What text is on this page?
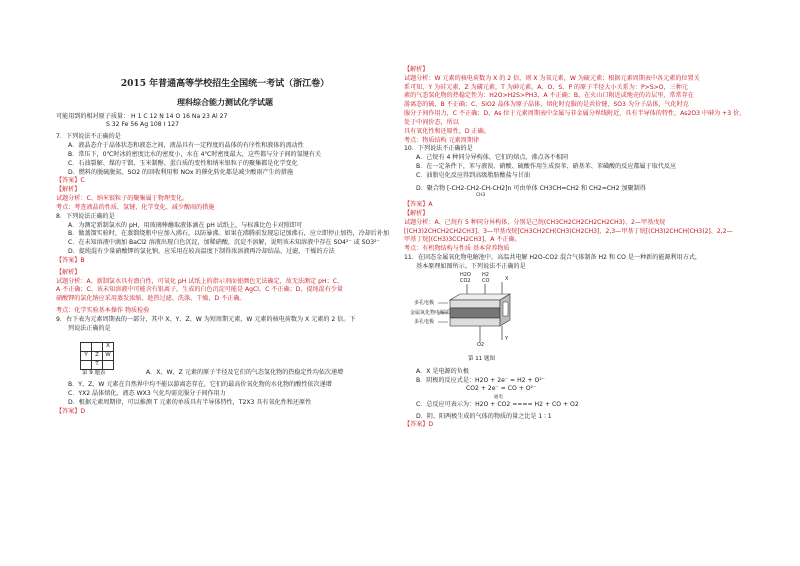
2015 年普通高等学校招生全国统一考试（浙江卷）

理科综合能力测试化学试题

可能用到的相对原子质量： H 1 C 12 N 14 O 16 Na 23 Al 27

S 32 Fe 56 Ag 108 I 127

7．下列说法不正确的是

A．液晶态介于晶体状态和液态之间，液晶具有一定程度的晶体的有序性和液体的流动性

B．常压下，0℃时冰的密度比水的密度小，水在 4℃时密度最大，这些都与分子间的氢键有关

C．石油裂解、煤的干馏、玉米制醇、蛋白质的变性和纳米银粒子的聚集都是化学变化

D．燃料的脱硫脱氮、SO2 的回收利用和 NOx 的催化转化都是减少酸雨产生的措施

【答案】C

【解析】

试题分析：C、纳米银粒子的聚集属于物理变化。

考点：考查液晶的性质、氢键、化学变化、减少酸雨的措施

8．下列说法正确的是

A．为测定新制氯水的 pH，用玻璃棒蘸取液体滴在 pH 试纸上，与标准比色卡对照即可

B．做蒸馏实验时，在蒸馏烧瓶中应加入沸石，以防暴沸。如果在沸腾前发现忘记加沸石，应立即停止加热，冷却后补加

C．在未知溶液中滴加 BaCl2 溶液出现白色沉淀，加稀硝酸，沉淀不溶解，说明该未知溶液中存在 SO4²⁻ 或 SO3²⁻

D．提纯混有少量硝酸钾的氯化钠，应采用在较高温度下制得浓溶液再冷却结晶、过滤、干燥的方法

【答案】B

【解析】

试题分析：A、新制氯水具有漂白性，可氧化 pH 试纸上的指示剂而使颜色无法确定，故无法测定 pH；C、

A 不正确；C、该未知溶液中可能含有银离子，生成的白色沉淀可能是 AgCl，C 不正确；D、提纯混有少量

硝酸钾的氯化钠应采用蒸发浓缩、趁热过滤、洗涤、干燥，D 不正确。

考点：化学实验基本操作 物质检验

9．右下表为元素周期表的一部分，其中 X、Y、Z、W 为短周期元素，W 元素的核电荷数为 X 元素的 2 倍。下

列说法正确的是

		X
Y	Z	W
	T	

第 9 题表	A．X、W、Z 元素的原子半径及它们的气态氢化物的热稳定性均依次递增

B．Y、Z、W 元素在自然界中均不能以游离态存在，它们的最高价氧化物的水化物的酸性依次递增

C．YX2 晶体熔化、液态 WX3 气化均需克服分子间作用力

D．根据元素周期律，可以推测 T 元素的单质具有半导体特性，T2X3 具有氧化性和还原性

【答案】D

【解析】

试题分析：W 元素的核电荷数为 X 的 2 倍，则 X 为氧元素，W 为硫元素；根据元素周期表中各元素的位置关

系可知，Y 为硅元素，Z 为磷元素，T 为砷元素。A、O、S、P 的原子半径大小关系为：P>S>O，三种元

素的气态氢化物的热稳定性为：H2O>H2S>PH3，A 不正确；B、在火山口附近或地壳的岩层里，常常存在

游离态的硫，B 不正确；C、SiO2 晶体为原子晶体，熔化时克服的是共价键，SO3 为分子晶体，气化时克

服分子间作用力，C 不正确；D、As 位于元素周期表中金属与非金属分界线附近，具有半导体的特性，As2O3 中砷为 +3 价，处于中间价态，所以

具有氧化性和还原性，D 正确。

考点：物质结构 元素周期律

10．下列说法不正确的是

A．己烷有 4 种同分异构体，它们的熔点、沸点各不相同

B．在一定条件下，苯与液溴、硝酸、硫酸作用生成溴苯、硝基苯、苯磺酸的反应都属于取代反应

C．油脂皂化反应得到高级脂肪酸盐与甘油

D．聚合物 [-CH2-CH2-CH-CH2]n 可由单体 CH3CH=CH2 和 CH2=CH2 加聚制得

CH3

【答案】A

【解析】

试题分析：A、己烷有 5 种同分异构体，分别是己烷(CH3CH2CH2CH2CH2CH3)、2—甲基戊烷

[(CH3)2CHCH2CH2CH3]、3—甲基戊烷[CH3CH2CH(CH3)CH2CH3]、2,3—甲基丁烷[(CH3)2CHCH(CH3)2]、2,2—

甲基丁烷[(CH3)3CCH2CH3]，A 不正确。

考点：有机物结构与性质 基本营养物质

11．在固态金属氧化物电解池中，高温共电解 H2O-CO2 混合气体制备 H2 和 CO 是一种新的能源利用方式，

基本原理如图所示。下列说法不正确的是

H2O
CO2
H2
CO	X
Y
O2
多孔电极
金属氧化物电解质
多孔电极
第 11 题图

A．X 是电源的负极

B．阴极的反应式是：H2O + 2e⁻ = H2 + O²⁻

CO2 + 2e⁻ = CO + O²⁻

通电

C．总反应可表示为：H2O + CO2 ==== H2 + CO + O2

D．阴、阳两极生成的气体的物质的量之比是 1 ∶ 1

【答案】D
